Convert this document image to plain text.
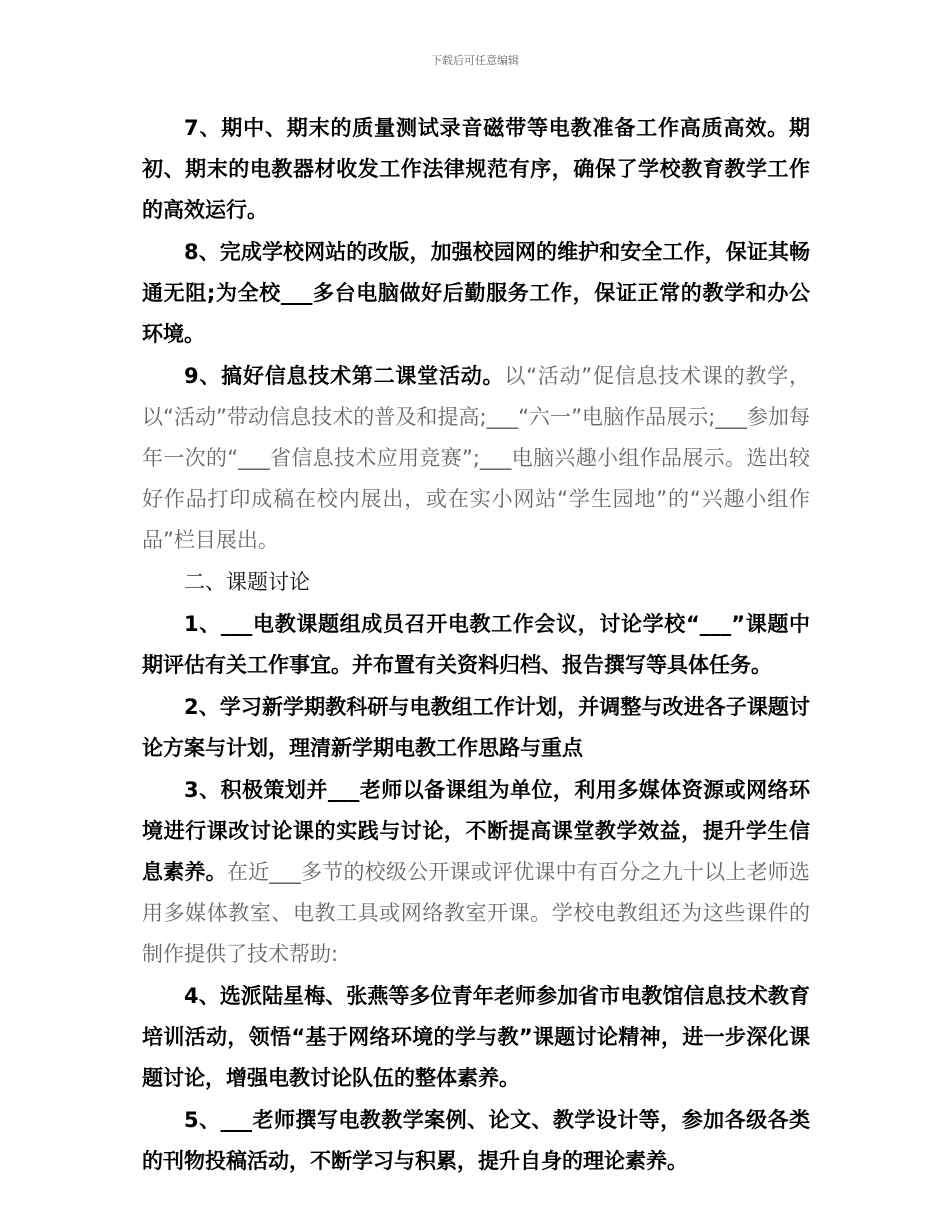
下载后可任意编辑

7、期中、期末的质量测试录音磁带等电教准备工作高质高效。期初、期末的电教器材收发工作法律规范有序，确保了学校教育教学工作的高效运行。

8、完成学校网站的改版，加强校园网的维护和安全工作，保证其畅通无阻;为全校___多台电脑做好后勤服务工作，保证正常的教学和办公环境。

9、搞好信息技术第二课堂活动。以“活动”促信息技术课的教学，以“活动”带动信息技术的普及和提高;___“六一”电脑作品展示;___参加每年一次的“___省信息技术应用竞赛”;___电脑兴趣小组作品展示。选出较好作品打印成稿在校内展出，或在实小网站“学生园地”的“兴趣小组作品”栏目展出。

二、课题讨论

1、___电教课题组成员召开电教工作会议，讨论学校“___”课题中期评估有关工作事宜。并布置有关资料归档、报告撰写等具体任务。

2、学习新学期教科研与电教组工作计划，并调整与改进各子课题讨论方案与计划，理清新学期电教工作思路与重点

3、积极策划并___老师以备课组为单位，利用多媒体资源或网络环境进行课改讨论课的实践与讨论，不断提高课堂教学效益，提升学生信息素养。在近___多节的校级公开课或评优课中有百分之九十以上老师选用多媒体教室、电教工具或网络教室开课。学校电教组还为这些课件的制作提供了技术帮助:

4、选派陆星梅、张燕等多位青年老师参加省市电教馆信息技术教育培训活动，领悟“基于网络环境的学与教”课题讨论精神，进一步深化课题讨论，增强电教讨论队伍的整体素养。

5、___老师撰写电教教学案例、论文、教学设计等，参加各级各类的刊物投稿活动，不断学习与积累，提升自身的理论素养。
